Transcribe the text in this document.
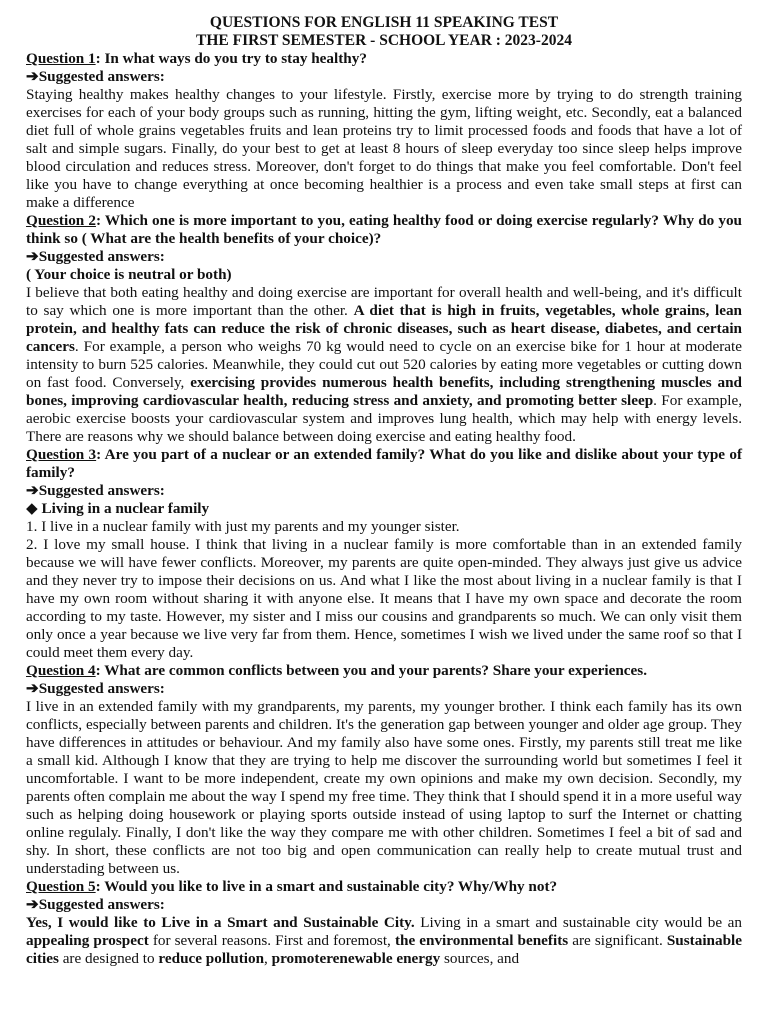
QUESTIONS FOR ENGLISH 11 SPEAKING TEST
THE FIRST SEMESTER - SCHOOL YEAR : 2023-2024

Question 1: In what ways do you try to stay healthy?

➔Suggested answers:

Staying healthy makes healthy changes to your lifestyle. Firstly, exercise more by trying to do strength training exercises for each of your body groups such as running, hitting the gym, lifting weight, etc. Secondly, eat a balanced diet full of whole grains vegetables fruits and lean proteins try to limit processed foods and foods that have a lot of salt and simple sugars. Finally, do your best to get at least 8 hours of sleep everyday too since sleep helps improve blood circulation and reduces stress. Moreover, don't forget to do things that make you feel comfortable. Don't feel like you have to change everything at once becoming healthier is a process and even take small steps at first can make a difference

Question 2: Which one is more important to you, eating healthy food or doing exercise regularly? Why do you think so ( What are the health benefits of your choice)?

➔Suggested answers:

( Your choice is neutral or both)

I believe that both eating healthy and doing exercise are important for overall health and well-being, and it's difficult to say which one is more important than the other. A diet that is high in fruits, vegetables, whole grains, lean protein, and healthy fats can reduce the risk of chronic diseases, such as heart disease, diabetes, and certain cancers. For example, a person who weighs 70 kg would need to cycle on an exercise bike for 1 hour at moderate intensity to burn 525 calories. Meanwhile, they could cut out 520 calories by eating more vegetables or cutting down on fast food. Conversely, exercising provides numerous health benefits, including strengthening muscles and bones, improving cardiovascular health, reducing stress and anxiety, and promoting better sleep. For example, aerobic exercise boosts your cardiovascular system and improves lung health, which may help with energy levels. There are reasons why we should balance between doing exercise and eating healthy food.

Question 3: Are you part of a nuclear or an extended family? What do you like and dislike about your type of family?

➔Suggested answers:

◆ Living in a nuclear family

1. I live in a nuclear family with just my parents and my younger sister.

2. I love my small house. I think that living in a nuclear family is more comfortable than in an extended family because we will have fewer conflicts. Moreover, my parents are quite open-minded. They always just give us advice and they never try to impose their decisions on us. And what I like the most about living in a nuclear family is that I have my own room without sharing it with anyone else. It means that I have my own space and decorate the room according to my taste. However, my sister and I miss our cousins and grandparents so much. We can only visit them only once a year because we live very far from them. Hence, sometimes I wish we lived under the same roof so that I could meet them every day.

Question 4: What are common conflicts between you and your parents? Share your experiences.

➔Suggested answers:

I live in an extended family with my grandparents, my parents, my younger brother. I think each family has its own conflicts, especially between parents and children. It's the generation gap between younger and older age group. They have differences in attitudes or behaviour. And my family also have some ones. Firstly, my parents still treat me like a small kid. Although I know that they are trying to help me discover the surrounding world but sometimes I feel it uncomfortable. I want to be more independent, create my own opinions and make my own decision. Secondly, my parents often complain me about the way I spend my free time. They think that I should spend it in a more useful way such as helping doing housework or playing sports outside instead of using laptop to surf the Internet or chatting online regulaly. Finally, I don't like the way they compare me with other children. Sometimes I feel a bit of sad and shy. In short, these conflicts are not too big and open communication can really help to create mutual trust and understading between us.

Question 5: Would you like to live in a smart and sustainable city? Why/Why not?

➔Suggested answers:

Yes, I would like to Live in a Smart and Sustainable City. Living in a smart and sustainable city would be an appealing prospect for several reasons. First and foremost, the environmental benefits are significant. Sustainable cities are designed to reduce pollution, promoterenewable energy sources, and
